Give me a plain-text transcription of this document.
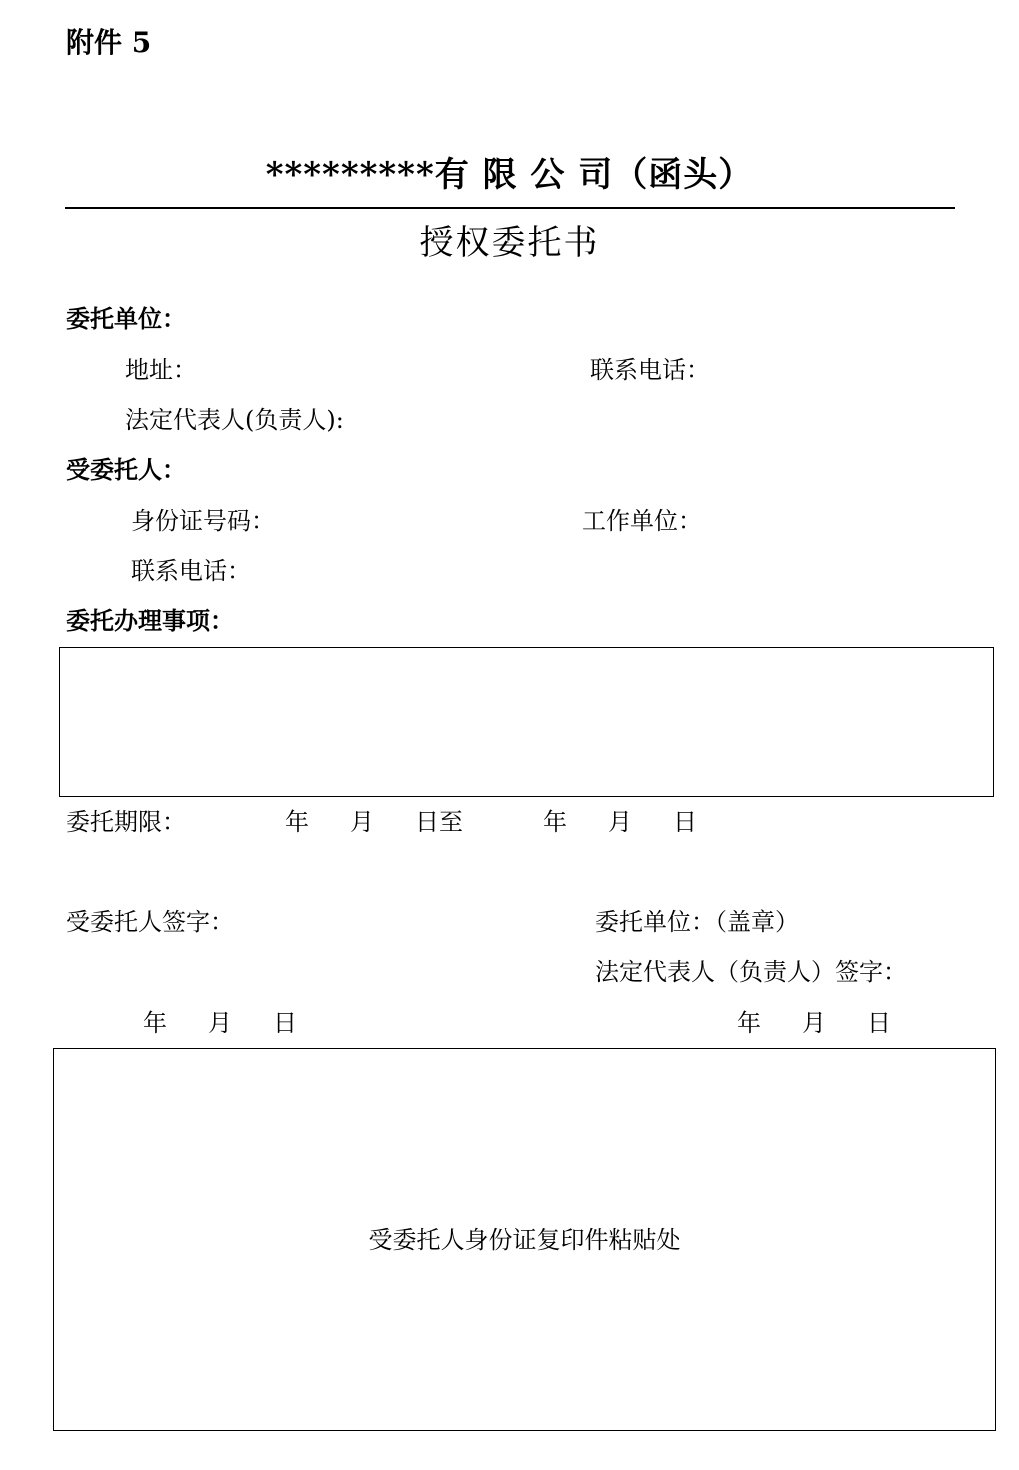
附件 5
*********有 限 公 司（函头）
授权委托书
委托单位：
地址：	联系电话：
法定代表人(负责人):
受委托人：
身份证号码：	工作单位：
联系电话：
委托办理事项：
委托期限：	年 月 日至	年 月 日
受委托人签字：	委托单位：（盖章）
法定代表人（负责人）签字：
年 月 日	年 月 日
受委托人身份证复印件粘贴处
